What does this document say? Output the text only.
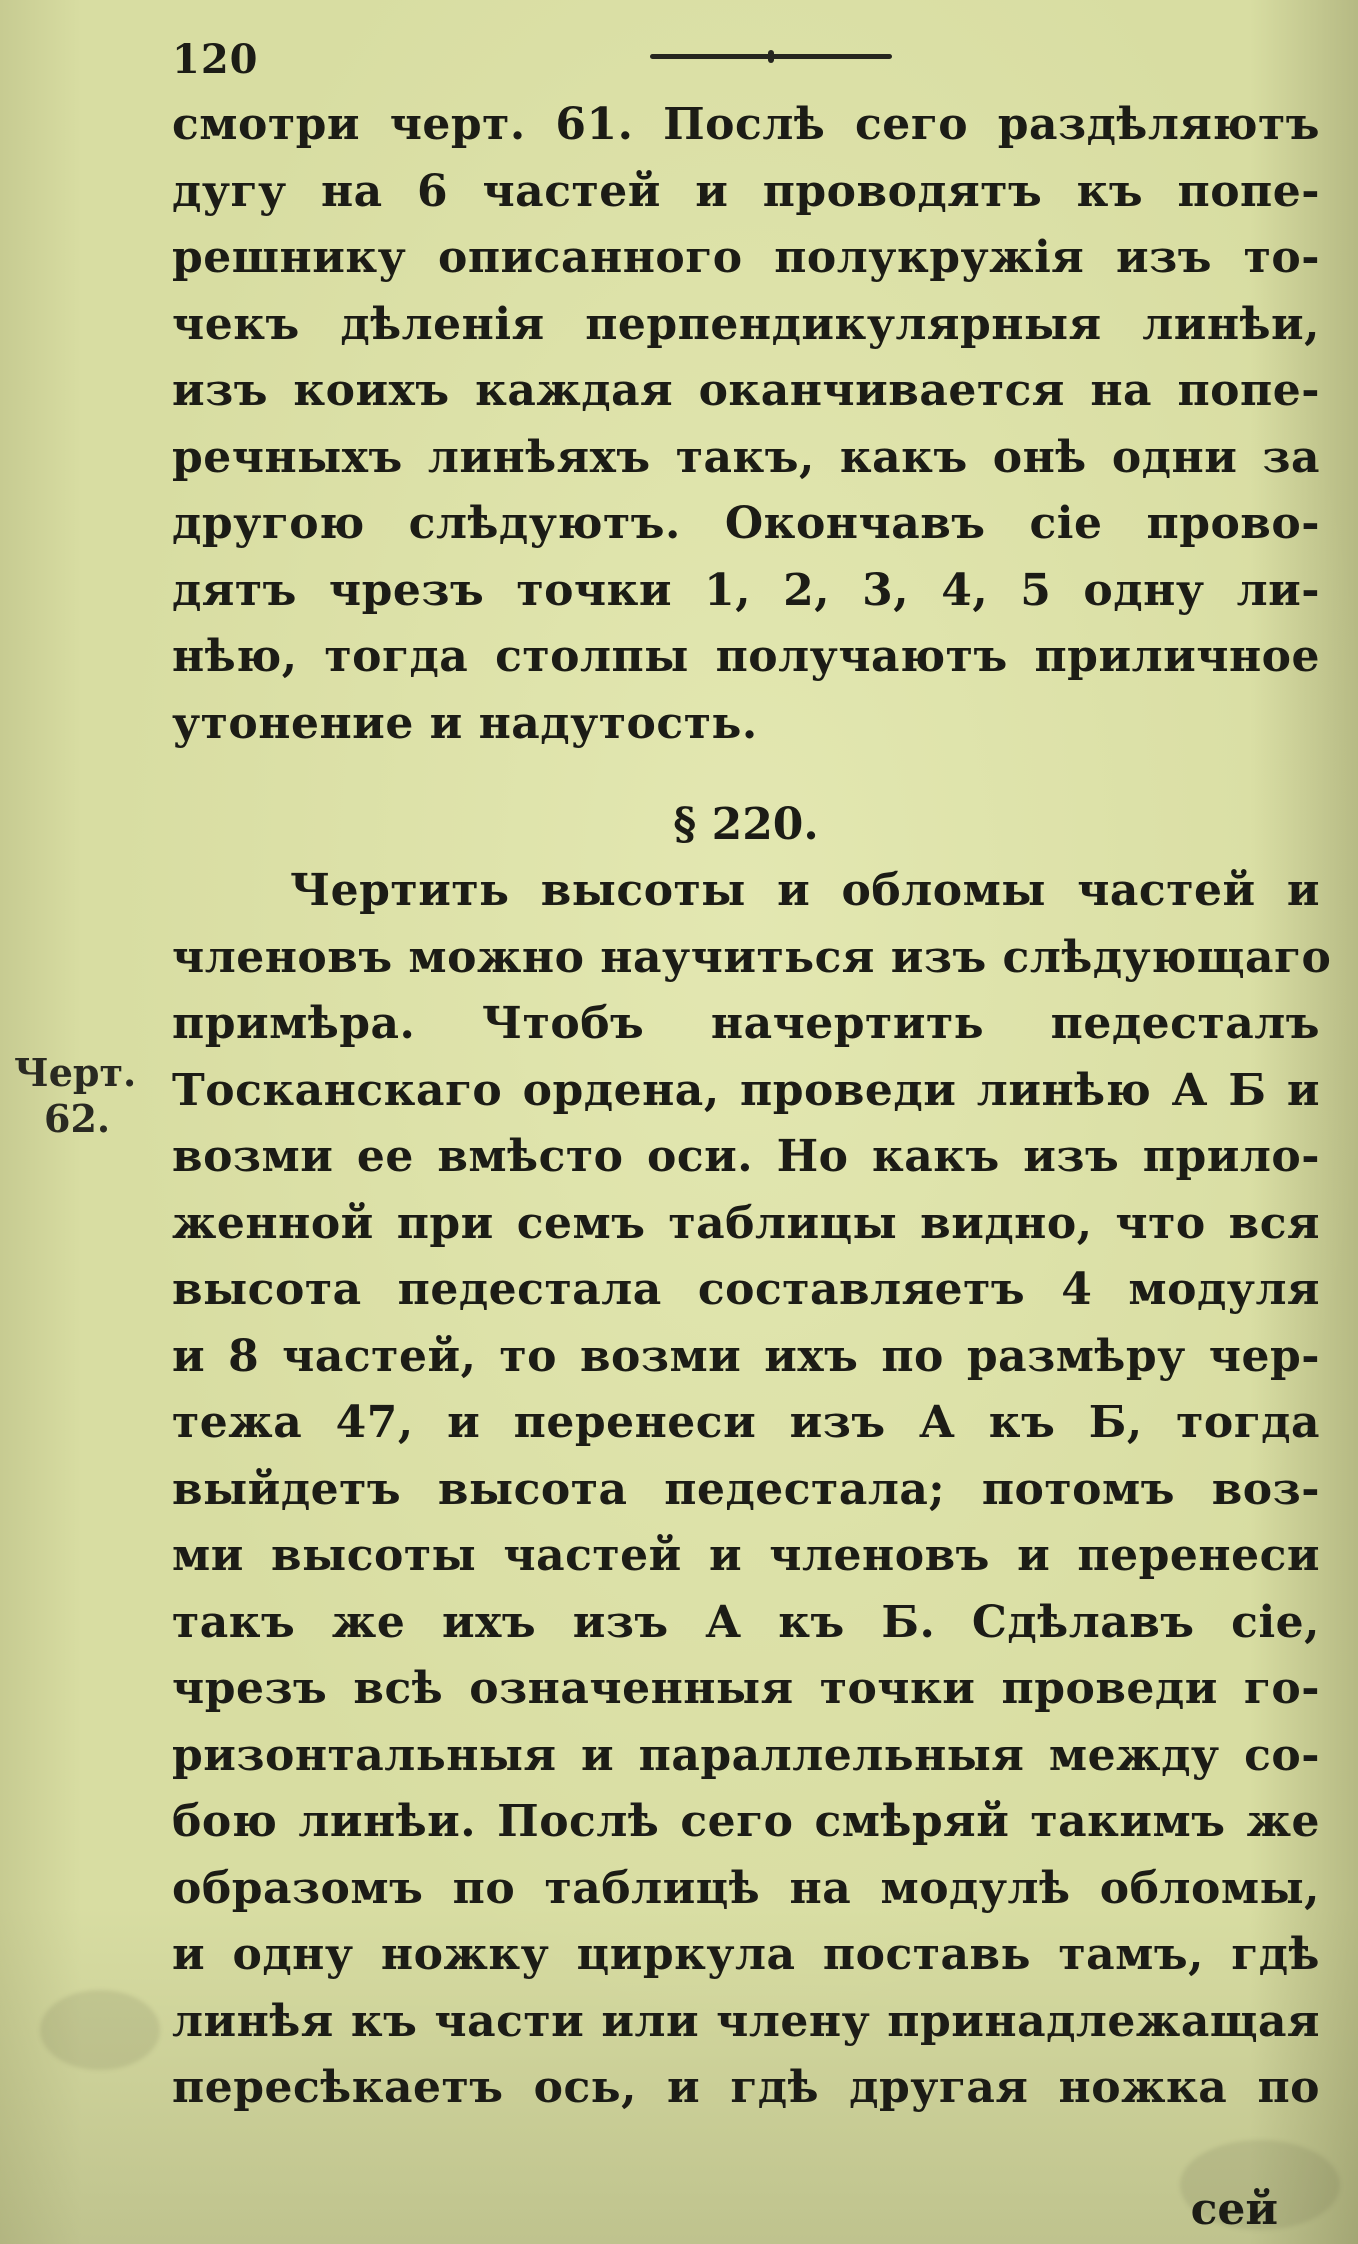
120
смотри черт. 61. Послѣ сего раздѣляютъ
дугу на 6 частей и проводятъ къ попе-
решнику описанного полукружія изъ то-
чекъ дѣленія перпендикулярныя линѣи,
изъ коихъ каждая оканчивается на попе-
речныхъ линѣяхъ такъ, какъ онѣ одни за
другою слѣдуютъ. Окончавъ сіе прово-
дятъ чрезъ точки 1, 2, 3, 4, 5 одну ли-
нѣю, тогда столпы получаютъ приличное
утонение и надутость.
§ 220.
Черт.
62.
Чертить высоты и обломы частей и
членовъ можно научиться изъ слѣдующаго
примѣра. Чтобъ начертить педесталъ
Тосканскаго ордена, проведи линѣю А Б и
возми ее вмѣсто оси. Но какъ изъ прило-
женной при семъ таблицы видно, что вся
высота педестала составляетъ 4 модуля
и 8 частей, то возми ихъ по размѣру чер-
тежа 47, и перенеси изъ А къ Б, тогда
выйдетъ высота педестала; потомъ воз-
ми высоты частей и членовъ и перенеси
такъ же ихъ изъ А къ Б. Сдѣлавъ сіе,
чрезъ всѣ означенныя точки проведи го-
ризонтальныя и параллельныя между со-
бою линѣи. Послѣ сего смѣряй такимъ же
образомъ по таблицѣ на модулѣ обломы,
и одну ножку циркула поставь тамъ, гдѣ
линѣя къ части или члену принадлежащая
пересѣкаетъ ось, и гдѣ другая ножка по
сей
